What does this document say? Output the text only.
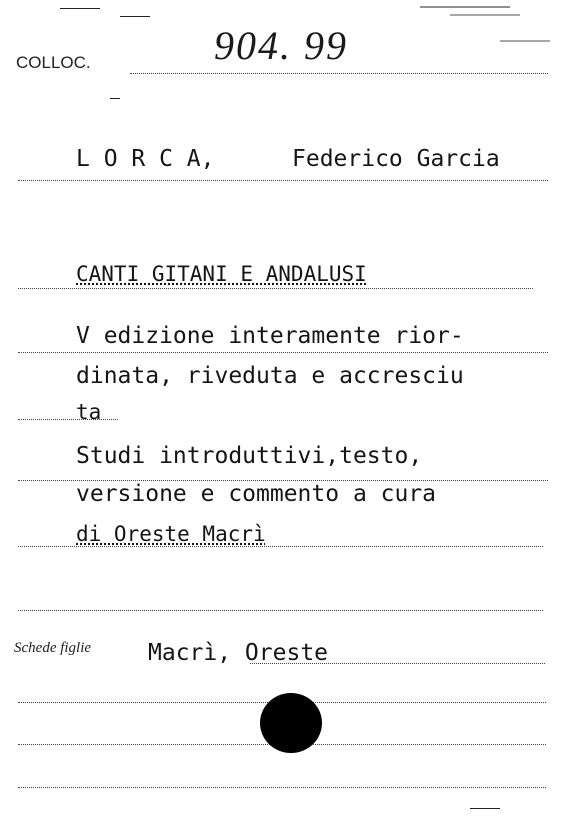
COLLOC.	904. 99
L O R C A,	Federico Garcia
CANTI GITANI E ANDALUSI
V edizione interamente rior-
dinata, riveduta e accresciu
ta
Studi introduttivi,testo,
versione e commento a cura
di Oreste Macrì
Schede figlie Macrì, Oreste
